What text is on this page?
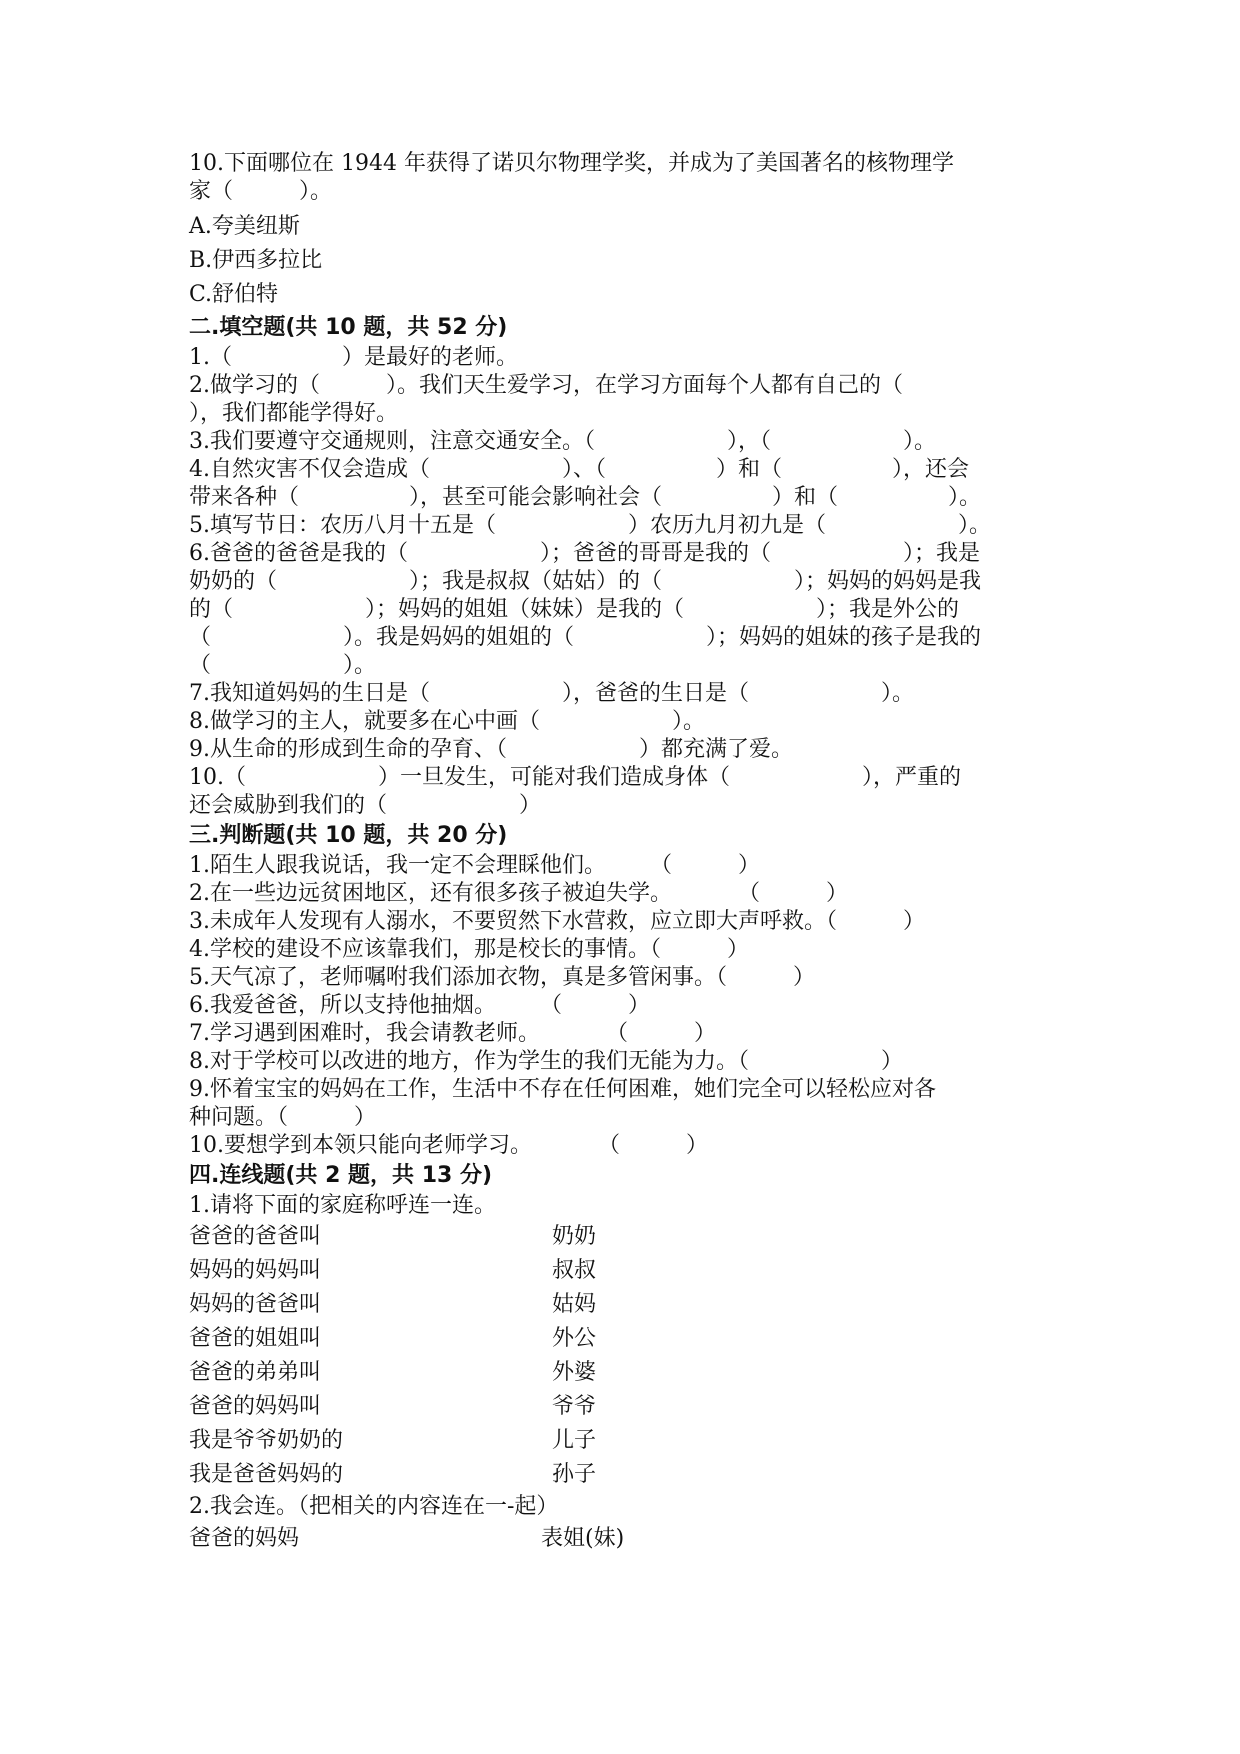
10.下面哪位在 1944 年获得了诺贝尔物理学奖，并成为了美国著名的核物理学

家（　　　）。

A.夸美纽斯

B.伊西多拉比

C.舒伯特

二.填空题(共 10 题，共 52 分)

1.（　　　　　）是最好的老师。

2.做学习的（　　　）。我们天生爱学习，在学习方面每个人都有自己的（

），我们都能学得好。

3.我们要遵守交通规则，注意交通安全。（　　　　　　），（　　　　　　）。

4.自然灾害不仅会造成（　　　　　　）、（　　　　　）和（　　　　　），还会

带来各种（　　　　　），甚至可能会影响社会（　　　　　）和（　　　　　）。

5.填写节日：农历八月十五是（　　　　　　）农历九月初九是（　　　　　　）。

6.爸爸的爸爸是我的（　　　　　　）；爸爸的哥哥是我的（　　　　　　）；我是

奶奶的（　　　　　　）；我是叔叔（姑姑）的（　　　　　　）；妈妈的妈妈是我

的（　　　　　　）；妈妈的姐姐（妹妹）是我的（　　　　　　）；我是外公的

（　　　　　　）。我是妈妈的姐姐的（　　　　　　）；妈妈的姐妹的孩子是我的

（　　　　　　）。

7.我知道妈妈的生日是（　　　　　　），爸爸的生日是（　　　　　　）。

8.做学习的主人，就要多在心中画（　　　　　　）。

9.从生命的形成到生命的孕育、（　　　　　　）都充满了爱。

10.（　　　　　　）一旦发生，可能对我们造成身体（　　　　　　），严重的

还会威胁到我们的（　　　　　　）

三.判断题(共 10 题，共 20 分)

1.陌生人跟我说话，我一定不会理睬他们。　　　（　　　）

2.在一些边远贫困地区，还有很多孩子被迫失学。　　　　（　　　）

3.未成年人发现有人溺水，不要贸然下水营救，应立即大声呼救。（　　　）

4.学校的建设不应该靠我们，那是校长的事情。（　　　）

5.天气凉了，老师嘱咐我们添加衣物，真是多管闲事。（　　　）

6.我爱爸爸，所以支持他抽烟。　　　（　　　）

7.学习遇到困难时，我会请教老师。　　　　（　　　）

8.对于学校可以改进的地方，作为学生的我们无能为力。（　　　　　　）

9.怀着宝宝的妈妈在工作，生活中不存在任何困难，她们完全可以轻松应对各

种问题。（　　　）

10.要想学到本领只能向老师学习。　　　　（　　　）

四.连线题(共 2 题，共 13 分)

1.请将下面的家庭称呼连一连。

爸爸的爸爸叫	奶奶
妈妈的妈妈叫	叔叔
妈妈的爸爸叫	姑妈
爸爸的姐姐叫	外公
爸爸的弟弟叫	外婆
爸爸的妈妈叫	爷爷
我是爷爷奶奶的	儿子
我是爸爸妈妈的	孙子

2.我会连。（把相关的内容连在一-起）

爸爸的妈妈	表姐(妹)
